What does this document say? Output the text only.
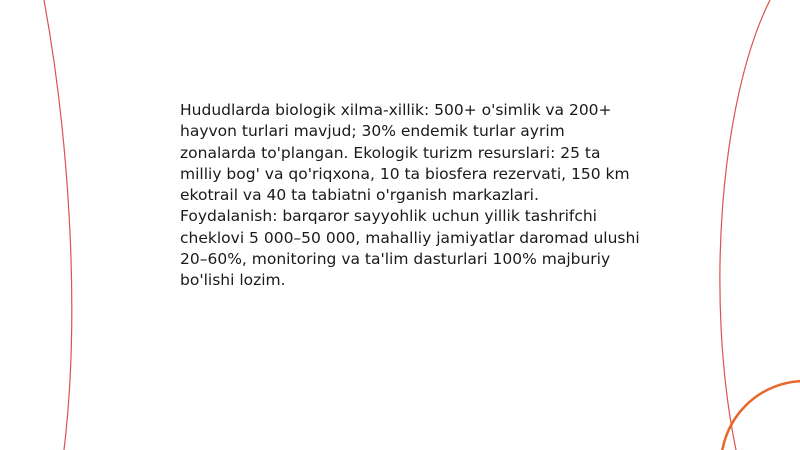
Hududlarda biologik xilma-xillik: 500+ o'simlik va 200+ hayvon turlari mavjud; 30% endemik turlar ayrim zonalarda to'plangan. Ekologik turizm resurslari: 25 ta milliy bog' va qo'riqxona, 10 ta biosfera rezervati, 150 km ekotrail va 40 ta tabiatni o'rganish markazlari. Foydalanish: barqaror sayyohlik uchun yillik tashrifchi cheklovi 5 000–50 000, mahalliy jamiyatlar daromad ulushi 20–60%, monitoring va ta'lim dasturlari 100% majburiy bo'lishi lozim.
